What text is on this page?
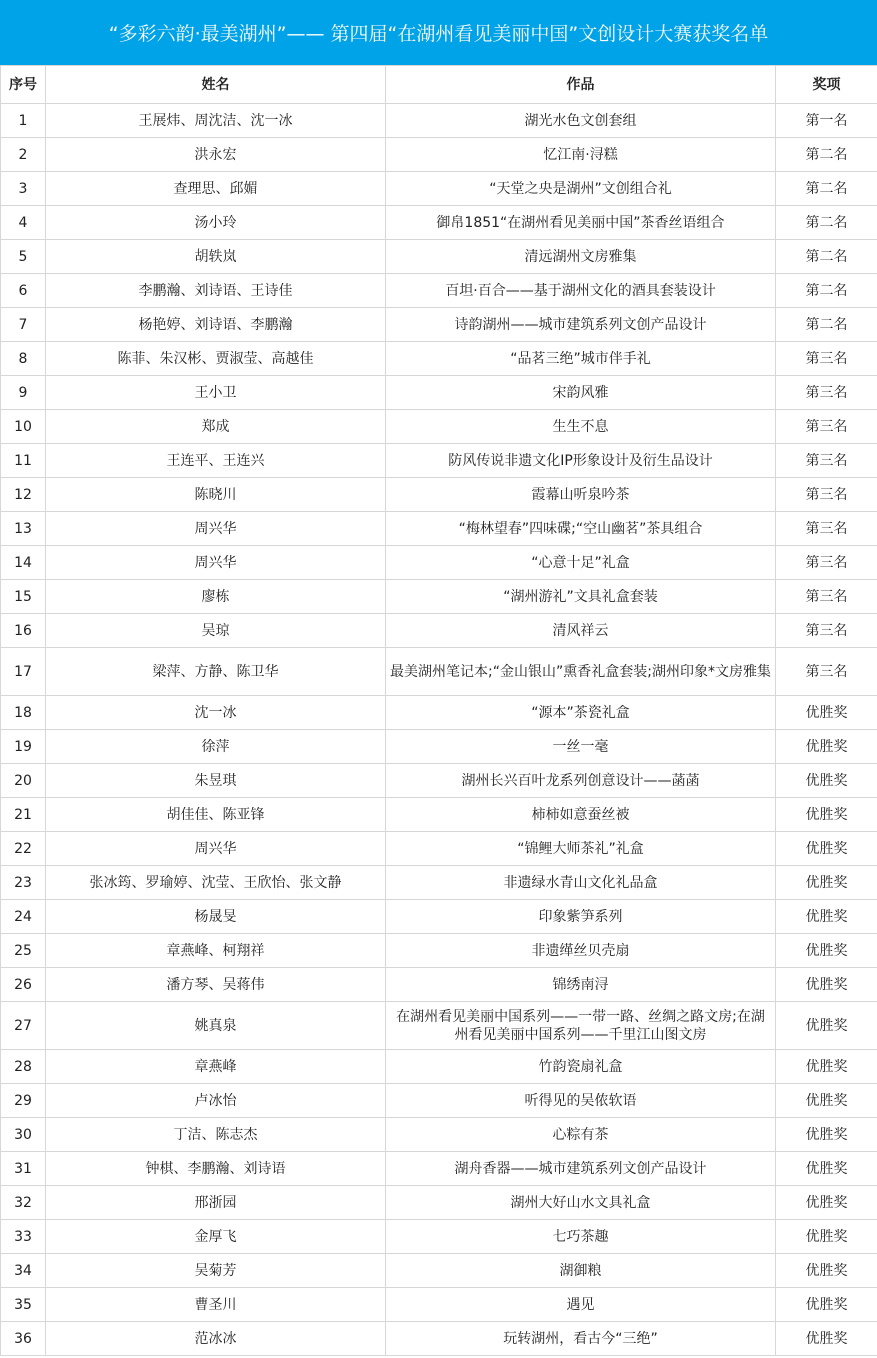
“多彩六韵·最美湖州”—— 第四届“在湖州看见美丽中国”文创设计大赛获奖名单
序号	姓名	作品	奖项
1	王展炜、周沈洁、沈一冰	湖光水色文创套组	第一名
2	洪永宏	忆江南·浔糕	第二名
3	查理思、邱媚	“天堂之央是湖州”文创组合礼	第二名
4	汤小玲	御帛1851“在湖州看见美丽中国”茶香丝语组合	第二名
5	胡轶岚	清远湖州文房雅集	第二名
6	李鹏瀚、刘诗语、王诗佳	百坦·百合——基于湖州文化的酒具套装设计	第二名
7	杨艳婷、刘诗语、李鹏瀚	诗韵湖州——城市建筑系列文创产品设计	第二名
8	陈菲、朱汉彬、贾淑莹、高越佳	“品茗三绝”城市伴手礼	第三名
9	王小卫	宋韵风雅	第三名
10	郑成	生生不息	第三名
11	王连平、王连兴	防风传说非遗文化IP形象设计及衍生品设计	第三名
12	陈晓川	霞幕山听泉吟茶	第三名
13	周兴华	“梅林望春”四味碟;“空山幽茗”茶具组合	第三名
14	周兴华	“心意十足”礼盒	第三名
15	廖栋	“湖州游礼”文具礼盒套装	第三名
16	吴琼	清风祥云	第三名
17	梁萍、方静、陈卫华	最美湖州笔记本;“金山银山”熏香礼盒套装;湖州印象*文房雅集	第三名
18	沈一冰	“源本”茶瓷礼盒	优胜奖
19	徐萍	一丝一毫	优胜奖
20	朱昱琪	湖州长兴百叶龙系列创意设计——菡菡	优胜奖
21	胡佳佳、陈亚锋	柿柿如意蚕丝被	优胜奖
22	周兴华	“锦鲤大师茶礼”礼盒	优胜奖
23	张冰筠、罗瑜婷、沈莹、王欣怡、张文静	非遗绿水青山文化礼品盒	优胜奖
24	杨晟旻	印象紫笋系列	优胜奖
25	章燕峰、柯翔祥	非遗缂丝贝壳扇	优胜奖
26	潘方琴、吴蒋伟	锦绣南浔	优胜奖
27	姚真泉	在湖州看见美丽中国系列——一带一路、丝绸之路文房;在湖州看见美丽中国系列——千里江山图文房	优胜奖
28	章燕峰	竹韵瓷扇礼盒	优胜奖
29	卢冰怡	听得见的吴侬软语	优胜奖
30	丁洁、陈志杰	心粽有茶	优胜奖
31	钟棋、李鹏瀚、刘诗语	湖舟香器——城市建筑系列文创产品设计	优胜奖
32	邢浙园	湖州大好山水文具礼盒	优胜奖
33	金厚飞	七巧茶趣	优胜奖
34	吴菊芳	湖御粮	优胜奖
35	曹圣川	遇见	优胜奖
36	范冰冰	玩转湖州，看古今“三绝”	优胜奖
